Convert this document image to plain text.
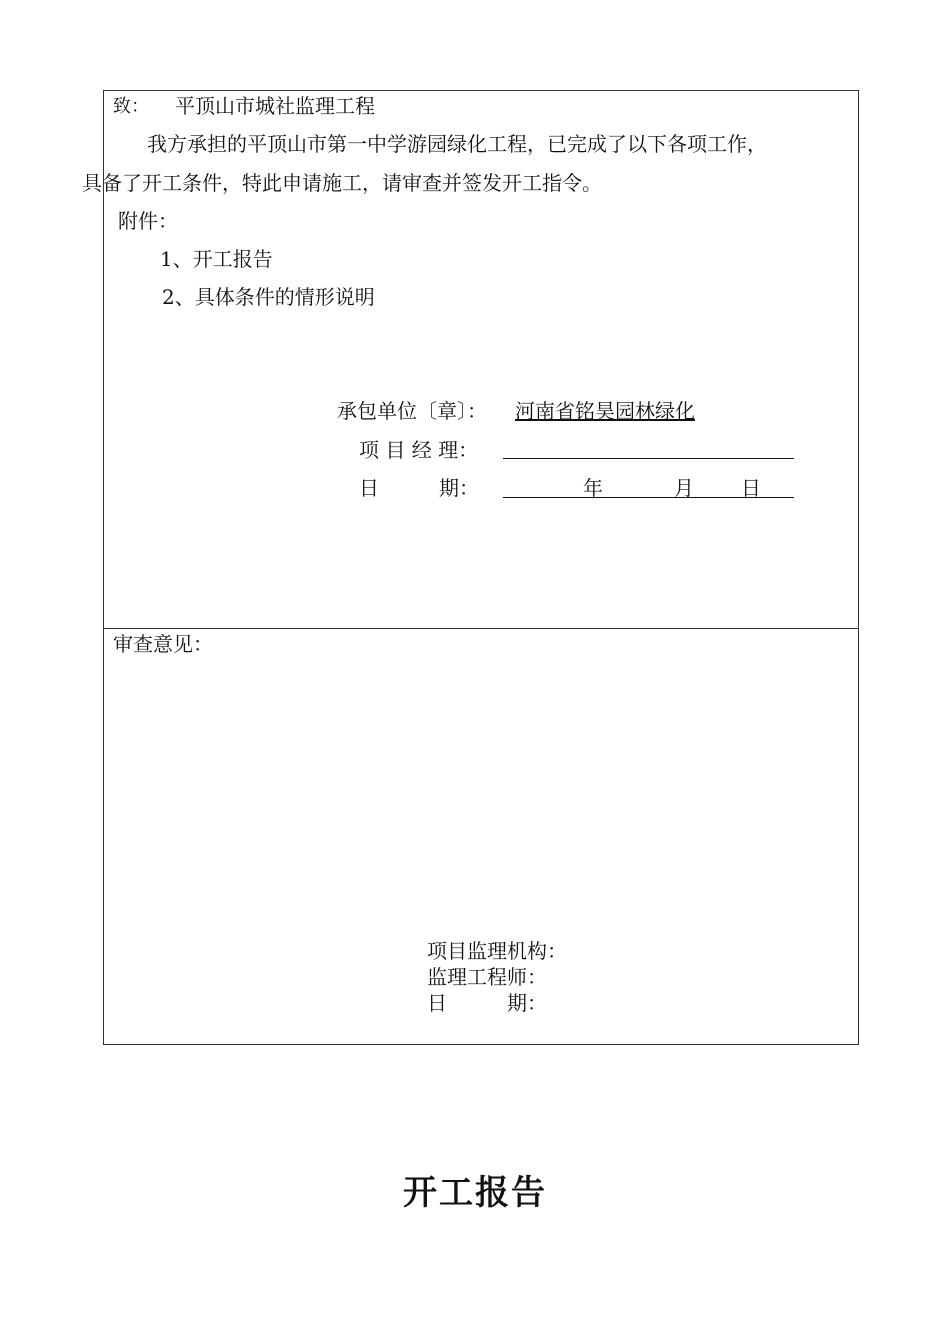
致： 平顶山市城社监理工程
我方承担的平顶山市第一中学游园绿化工程，已完成了以下各项工作，
具备了开工条件，特此申请施工，请审查并签发开工指令。
附件：
1、开工报告
2、具体条件的情形说明
承包单位〔章〕： 河南省铭昊园林绿化
项 目 经 理：
日　　　期：	年	月 日
审查意见：
项目监理机构：
监理工程师：
日　　　期：
开工报告
